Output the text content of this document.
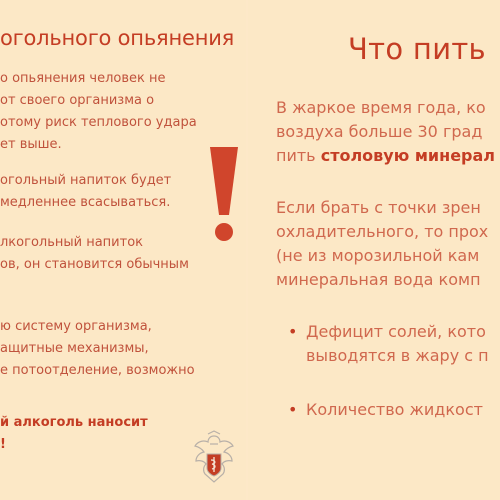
огольного опьянения

о опьянения человек не
от своего организма о
отому риск теплового удара
ет выше.

огольный напиток будет
медленнее всасываться.

лкогольный напиток
ов, он становится обычным

ю систему организма,
ащитные механизмы,
е потоотделение, возможно

й алкоголь наносит
!

Что пить

В жаркое время года, ко
воздуха больше 30 град
пить столовую минерал

Если брать с точки зрен
охладительного, то прох
(не из морозильной кам
минеральная вода комп

• Дефицит солей, кото
выводятся в жару с п
• Количество жидкост
